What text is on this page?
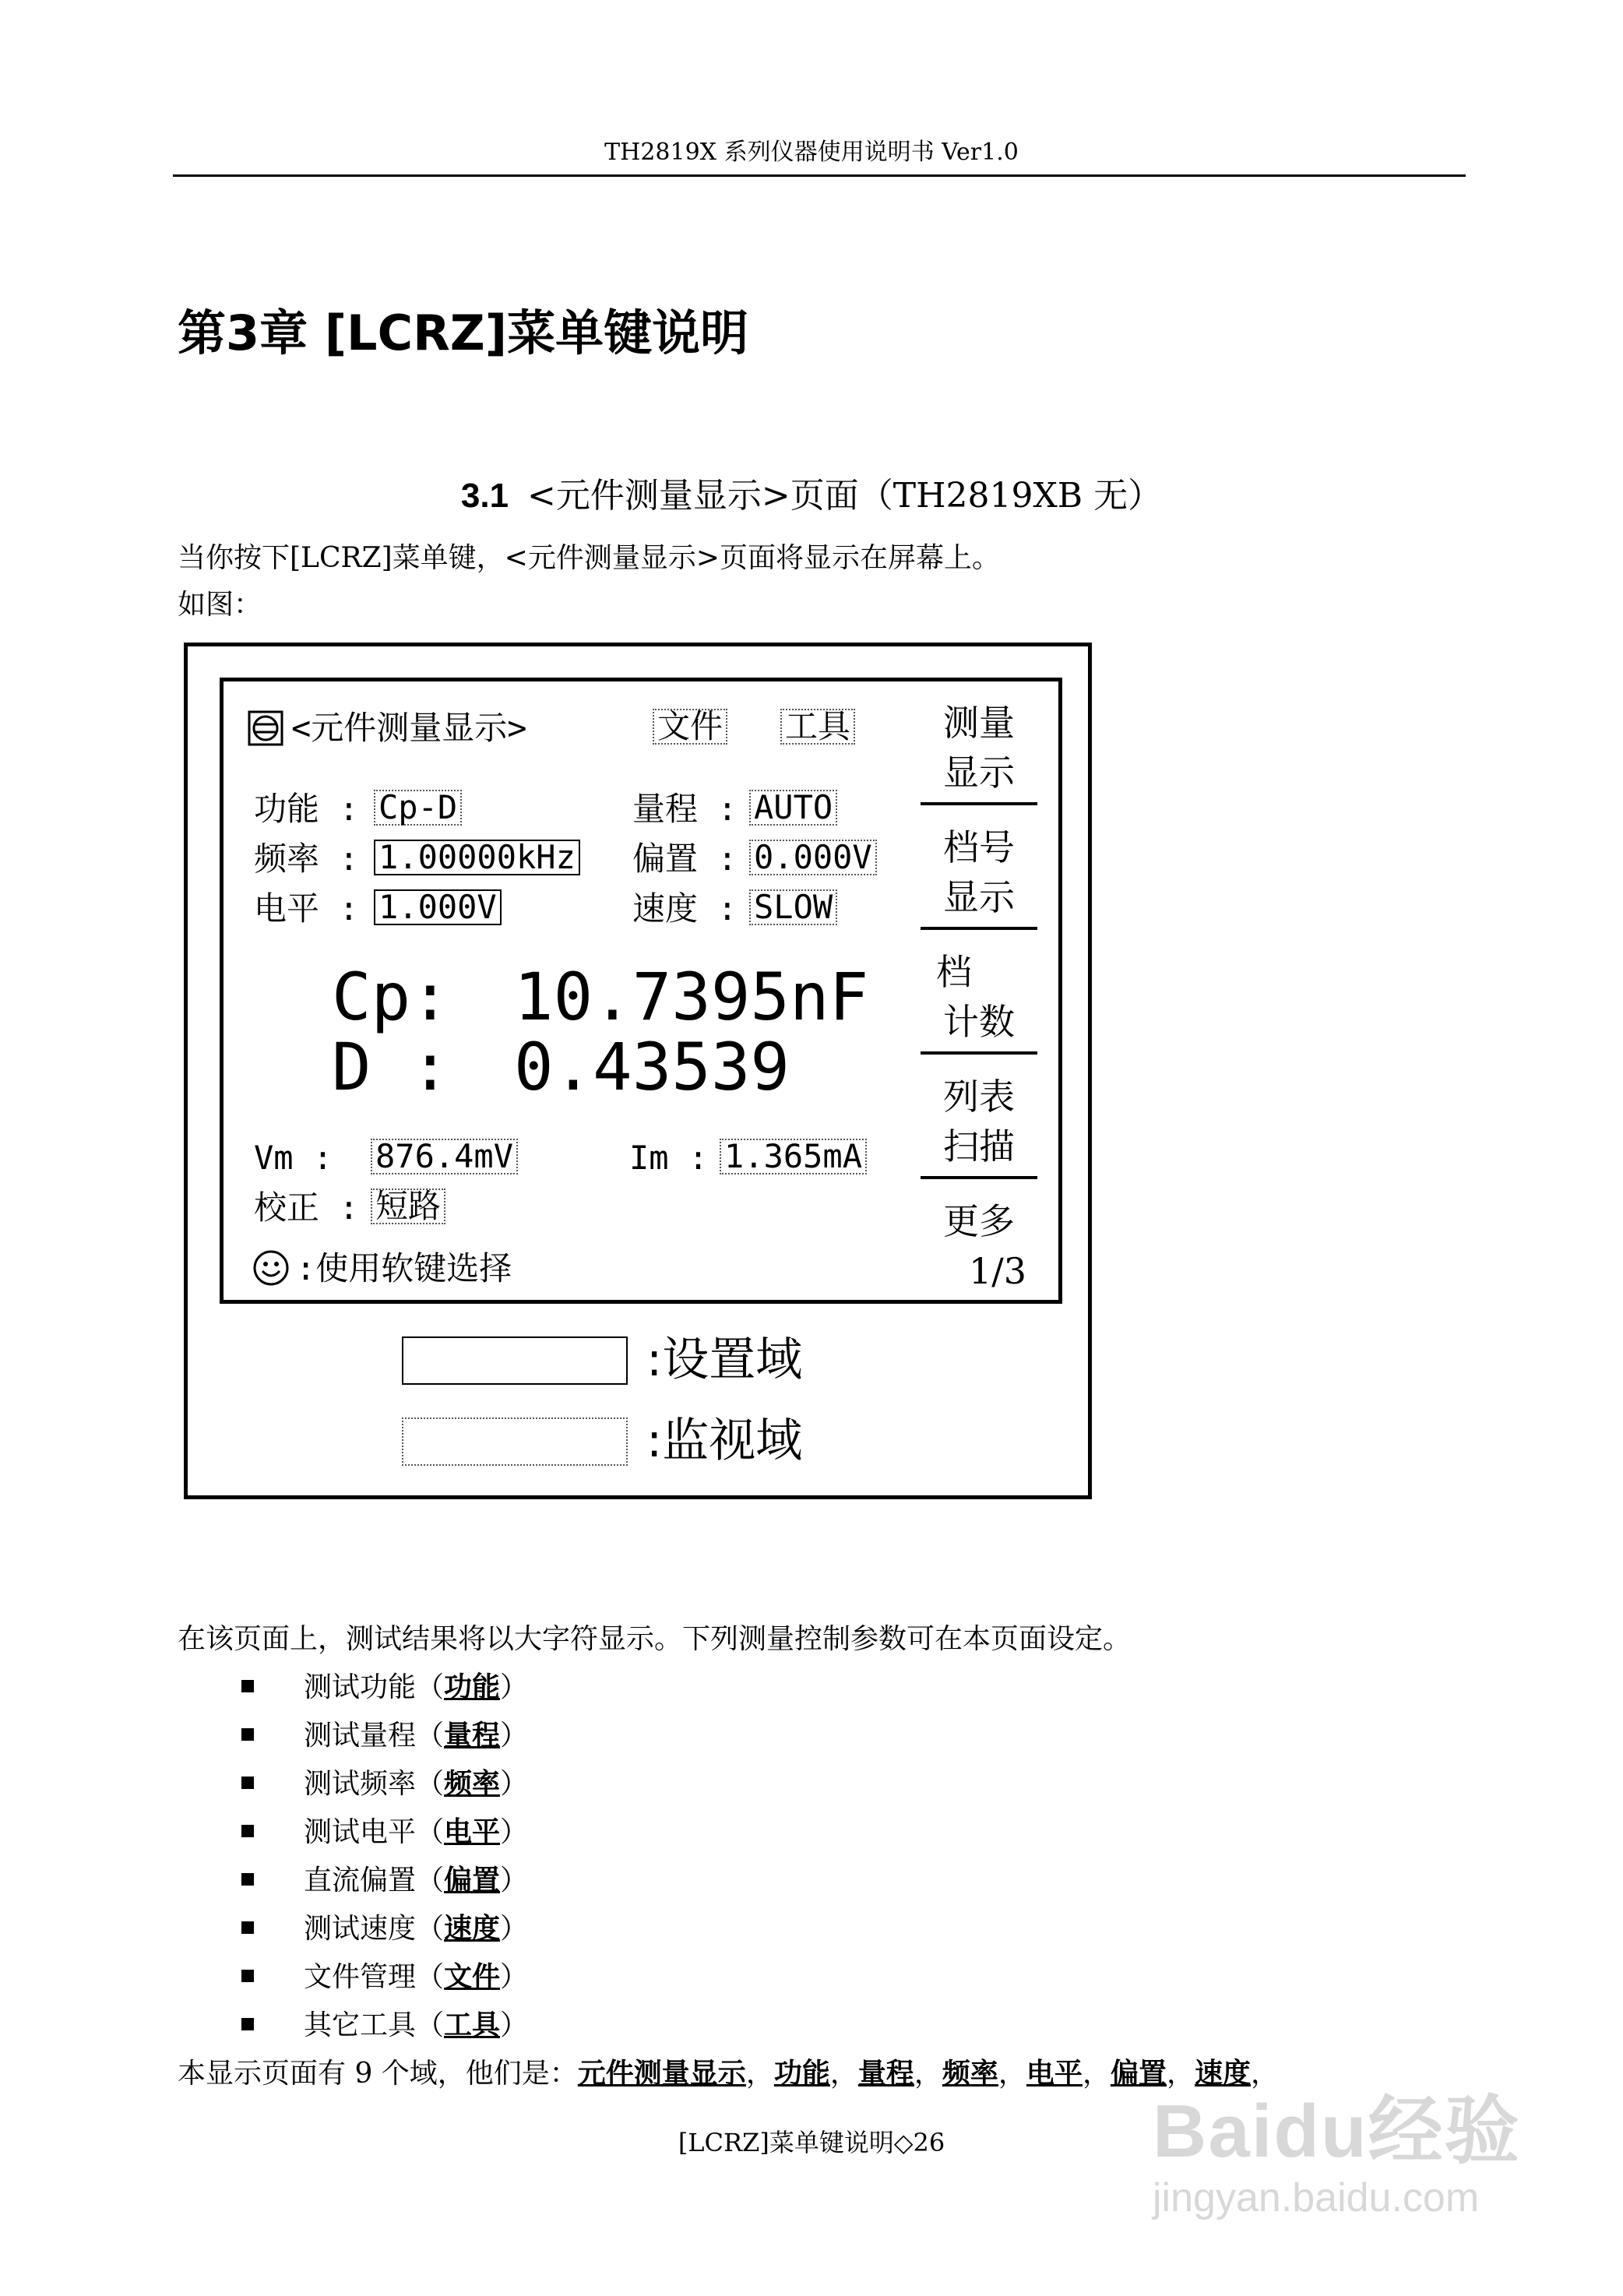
TH2819X 系列仪器使用说明书 Ver1.0
第3章 [LCRZ]菜单键说明
3.1 <元件测量显示>页面（TH2819XB 无）
当你按下[LCRZ]菜单键，<元件测量显示>页面将显示在屏幕上。
如图：
<元件测量显示>	文件 工具
功能 : Cp-D
频率 : 1.00000kHz
电平 : 1.000V
量程 : AUTO
偏置 : 0.000V
速度 : SLOW
Cp: 10.7395nF
D : 0.43539
Vm : 876.4mV	Im : 1.365mA
校正 : 短路
:使用软键选择
测量
显示
档号
显示
档
计数
列表
扫描
更多
1/3
:设置域
:监视域
在该页面上，测试结果将以大字符显示。下列测量控制参数可在本页面设定。
测试功能（功能）
测试量程（量程）
测试频率（频率）
测试电平（电平）
直流偏置（偏置）
测试速度（速度）
文件管理（文件）
其它工具（工具）
本显示页面有 9 个域，他们是：元件测量显示，功能，量程，频率，电平，偏置，速度，
Baidu经验
jingyan.baidu.com
[LCRZ]菜单键说明◇26
